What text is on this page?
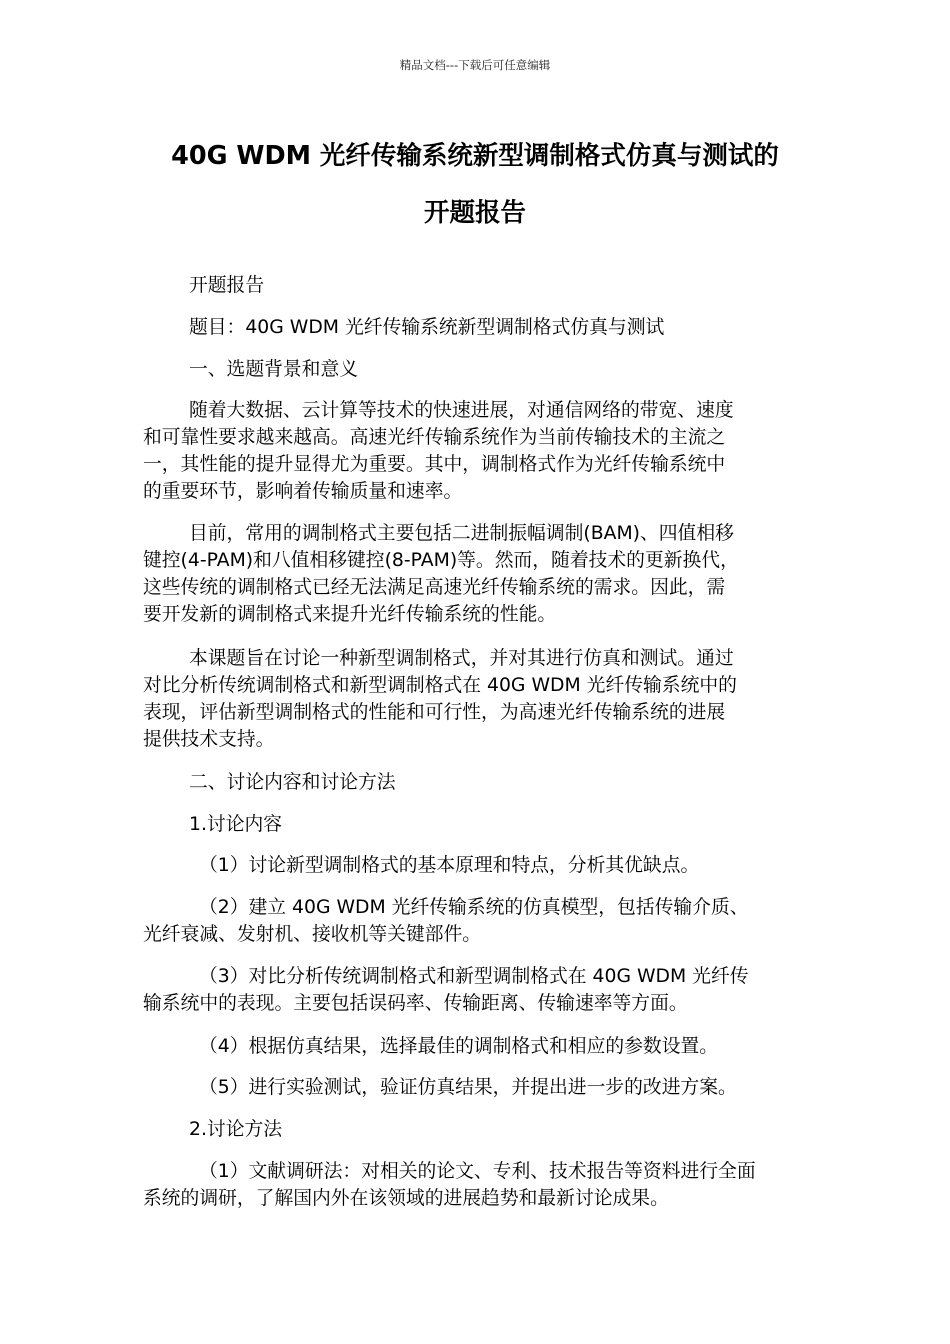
精品文档---下载后可任意编辑
40G WDM 光纤传输系统新型调制格式仿真与测试的
开题报告
开题报告
题目：40G WDM 光纤传输系统新型调制格式仿真与测试
一、选题背景和意义
随着大数据、云计算等技术的快速进展，对通信网络的带宽、速度
和可靠性要求越来越高。高速光纤传输系统作为当前传输技术的主流之
一，其性能的提升显得尤为重要。其中，调制格式作为光纤传输系统中
的重要环节，影响着传输质量和速率。
目前，常用的调制格式主要包括二进制振幅调制(BAM)、四值相移
键控(4-PAM)和八值相移键控(8-PAM)等。然而，随着技术的更新换代，
这些传统的调制格式已经无法满足高速光纤传输系统的需求。因此，需
要开发新的调制格式来提升光纤传输系统的性能。
本课题旨在讨论一种新型调制格式，并对其进行仿真和测试。通过
对比分析传统调制格式和新型调制格式在 40G WDM 光纤传输系统中的
表现，评估新型调制格式的性能和可行性，为高速光纤传输系统的进展
提供技术支持。
二、讨论内容和讨论方法
1.讨论内容
（1）讨论新型调制格式的基本原理和特点，分析其优缺点。
（2）建立 40G WDM 光纤传输系统的仿真模型，包括传输介质、
光纤衰减、发射机、接收机等关键部件。
（3）对比分析传统调制格式和新型调制格式在 40G WDM 光纤传
输系统中的表现。主要包括误码率、传输距离、传输速率等方面。
（4）根据仿真结果，选择最佳的调制格式和相应的参数设置。
（5）进行实验测试，验证仿真结果，并提出进一步的改进方案。
2.讨论方法
（1）文献调研法：对相关的论文、专利、技术报告等资料进行全面
系统的调研，了解国内外在该领域的进展趋势和最新讨论成果。
